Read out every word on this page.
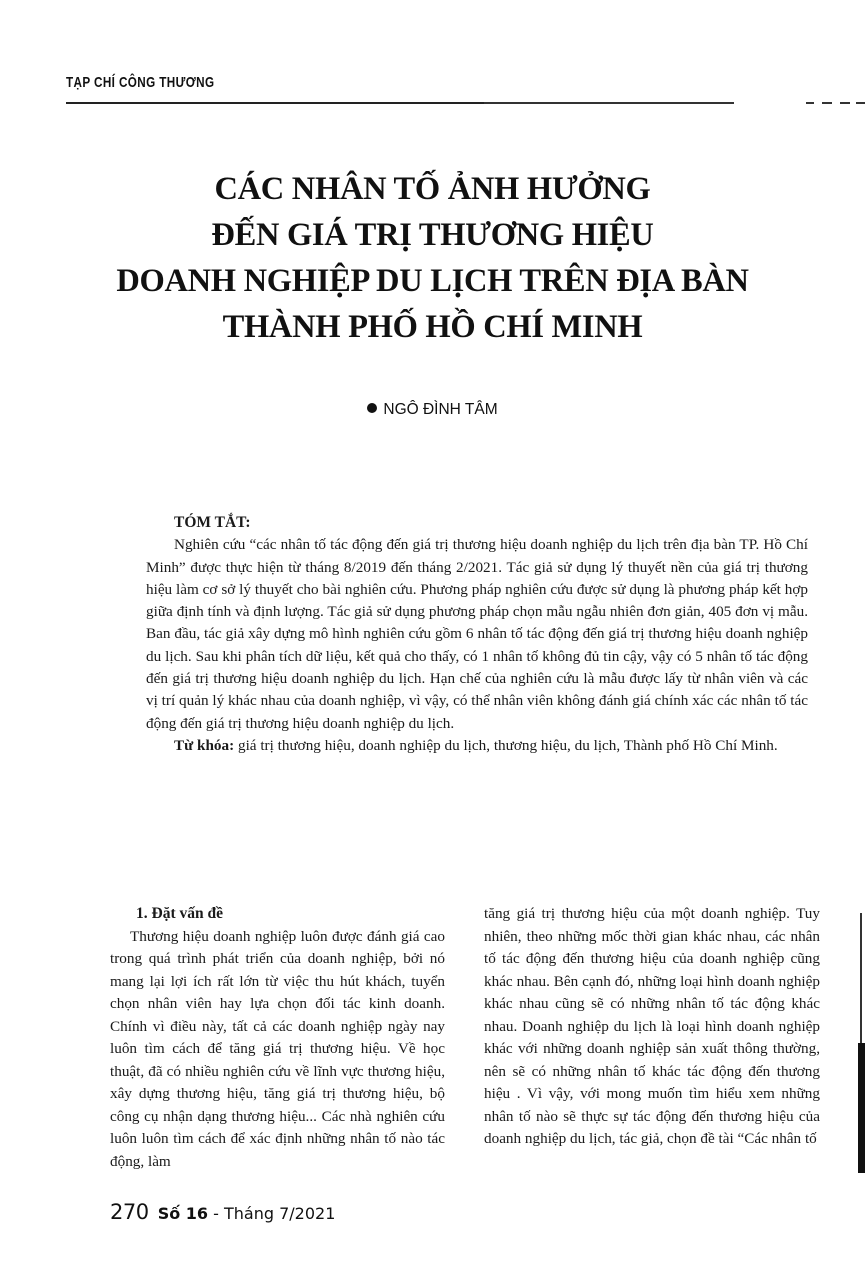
TẠP CHÍ CÔNG THƯƠNG
CÁC NHÂN TỐ ẢNH HƯỞNG
ĐẾN GIÁ TRỊ THƯƠNG HIỆU
DOANH NGHIỆP DU LỊCH TRÊN ĐỊA BÀN
THÀNH PHỐ HỒ CHÍ MINH
NGÔ ĐÌNH TÂM
TÓM TẮT:

Nghiên cứu “các nhân tố tác động đến giá trị thương hiệu doanh nghiệp du lịch trên địa bàn TP. Hồ Chí Minh” được thực hiện từ tháng 8/2019 đến tháng 2/2021. Tác giả sử dụng lý thuyết nền của giá trị thương hiệu làm cơ sở lý thuyết cho bài nghiên cứu. Phương pháp nghiên cứu được sử dụng là phương pháp kết hợp giữa định tính và định lượng. Tác giả sử dụng phương pháp chọn mẫu ngẫu nhiên đơn giản, 405 đơn vị mẫu. Ban đầu, tác giả xây dựng mô hình nghiên cứu gồm 6 nhân tố tác động đến giá trị thương hiệu doanh nghiệp du lịch. Sau khi phân tích dữ liệu, kết quả cho thấy, có 1 nhân tố không đủ tin cậy, vậy có 5 nhân tố tác động đến giá trị thương hiệu doanh nghiệp du lịch. Hạn chế của nghiên cứu là mẫu được lấy từ nhân viên và các vị trí quản lý khác nhau của doanh nghiệp, vì vậy, có thể nhân viên không đánh giá chính xác các nhân tố tác động đến giá trị thương hiệu doanh nghiệp du lịch.

Từ khóa: giá trị thương hiệu, doanh nghiệp du lịch, thương hiệu, du lịch, Thành phố Hồ Chí Minh.

1. Đặt vấn đề

Thương hiệu doanh nghiệp luôn được đánh giá cao trong quá trình phát triển của doanh nghiệp, bởi nó mang lại lợi ích rất lớn từ việc thu hút khách, tuyển chọn nhân viên hay lựa chọn đối tác kinh doanh. Chính vì điều này, tất cả các doanh nghiệp ngày nay luôn tìm cách để tăng giá trị thương hiệu. Về học thuật, đã có nhiều nghiên cứu về lĩnh vực thương hiệu, xây dựng thương hiệu, tăng giá trị thương hiệu, bộ công cụ nhận dạng thương hiệu... Các nhà nghiên cứu luôn luôn tìm cách để xác định những nhân tố nào tác động, làm

tăng giá trị thương hiệu của một doanh nghiệp. Tuy nhiên, theo những mốc thời gian khác nhau, các nhân tố tác động đến thương hiệu của doanh nghiệp cũng khác nhau. Bên cạnh đó, những loại hình doanh nghiệp khác nhau cũng sẽ có những nhân tố tác động khác nhau. Doanh nghiệp du lịch là loại hình doanh nghiệp khác với những doanh nghiệp sản xuất thông thường, nên sẽ có những nhân tố khác tác động đến thương hiệu . Vì vậy, với mong muốn tìm hiểu xem những nhân tố nào sẽ thực sự tác động đến thương hiệu của doanh nghiệp du lịch, tác giả, chọn đề tài “Các nhân tố

270 Số 16 - Tháng 7/2021
